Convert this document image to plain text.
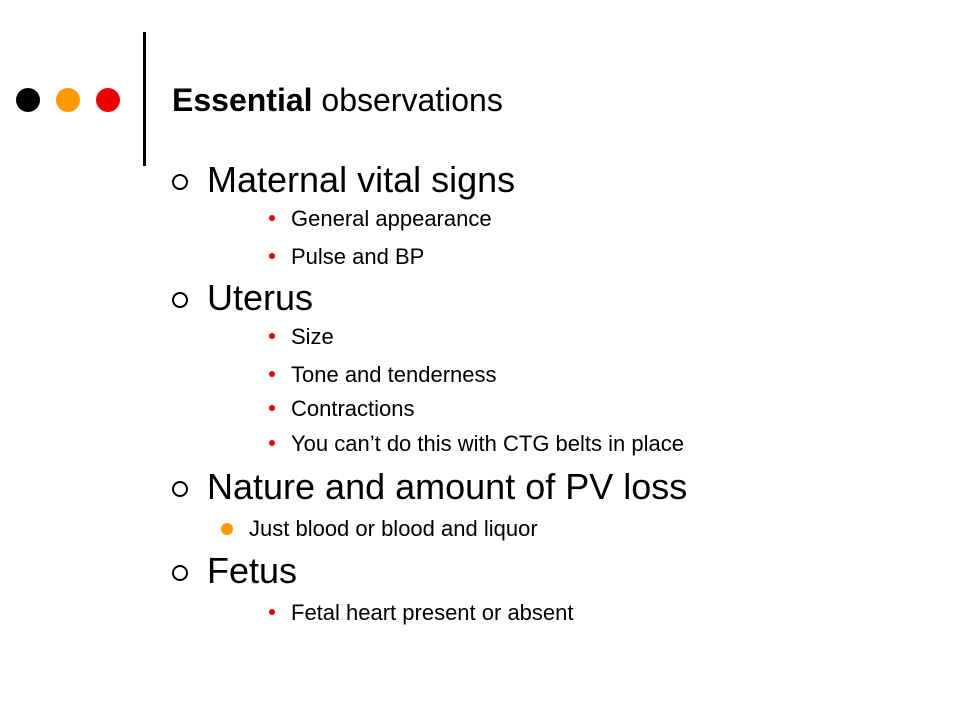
Essential observations
Maternal vital signs
General appearance
Pulse and BP
Uterus
Size
Tone and tenderness
Contractions
You can’t do this with CTG belts in place
Nature and amount of PV loss
Just blood or blood and liquor
Fetus
Fetal heart present or absent
